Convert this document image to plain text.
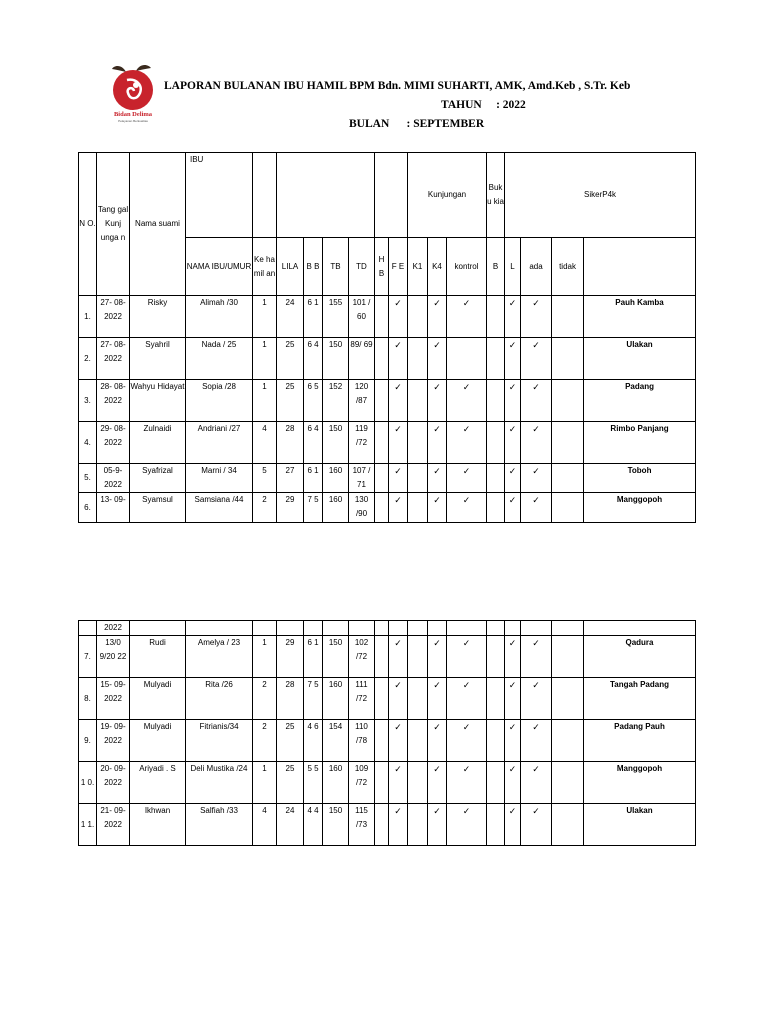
Bidan Delima
Pelayanan Berkualitas
LAPORAN BULANAN IBU HAMIL BPM Bdn. MIMI SUHARTI, AMK, Amd.Keb , S.Tr. Keb
TAHUN : 2022
BULAN : SEPTEMBER
N O.	Tang gal Kunj unga n	Nama suami	IBU								Kunjungan			Buku kia	SikerP4k	
			NAMA IBU/UMUR	Ke ha mil an	LILA	B B	TB	TD	H B	F E	K1	K4	kontrol	B	L	ada	tidak		
1.	27- 08- 2022	Risky	Alimah /30	1	24	6 1	155	101 / 60		✓		✓	✓		✓	✓		Pauh Kamba	
2.	27- 08- 2022	Syahril	Nada / 25	1	25	6 4	150	89/ 69		✓		✓			✓	✓		Ulakan	
3.	28- 08- 2022	Wahyu Hidayat	Sopia /28	1	25	6 5	152	120 /87		✓		✓	✓		✓	✓		Padang	
4.	29- 08- 2022	Zulnaidi	Andriani /27	4	28	6 4	150	119 /72		✓		✓	✓		✓	✓		Rimbo Panjang	
5.	05-9- 2022	Syafrizal	Marni / 34	5	27	6 1	160	107 / 71		✓		✓	✓		✓	✓		Toboh	
6.	13- 09-	Syamsul	Samsiana /44	2	29	7 5	160	130 /90		✓		✓	✓		✓	✓		Manggopoh	
	2022																	
7.	13/0 9/20 22	Rudi	Amelya / 23	1	29	6 1	150	102 /72		✓		✓	✓		✓	✓		Qadura
8.	15- 09- 2022	Mulyadi	Rita /26	2	28	7 5	160	111 /72		✓		✓	✓		✓	✓		Tangah Padang
9.	19- 09- 2022	Mulyadi	Fitrianis/34	2	25	4 6	154	110 /78		✓		✓	✓		✓	✓		Padang Pauh
1 0.	20- 09- 2022	Ariyadi . S	Deli Mustika /24	1	25	5 5	160	109 /72		✓		✓	✓		✓	✓		Manggopoh
1 1.	21- 09- 2022	Ikhwan	Salfiah /33	4	24	4 4	150	115 /73		✓		✓	✓		✓	✓		Ulakan
